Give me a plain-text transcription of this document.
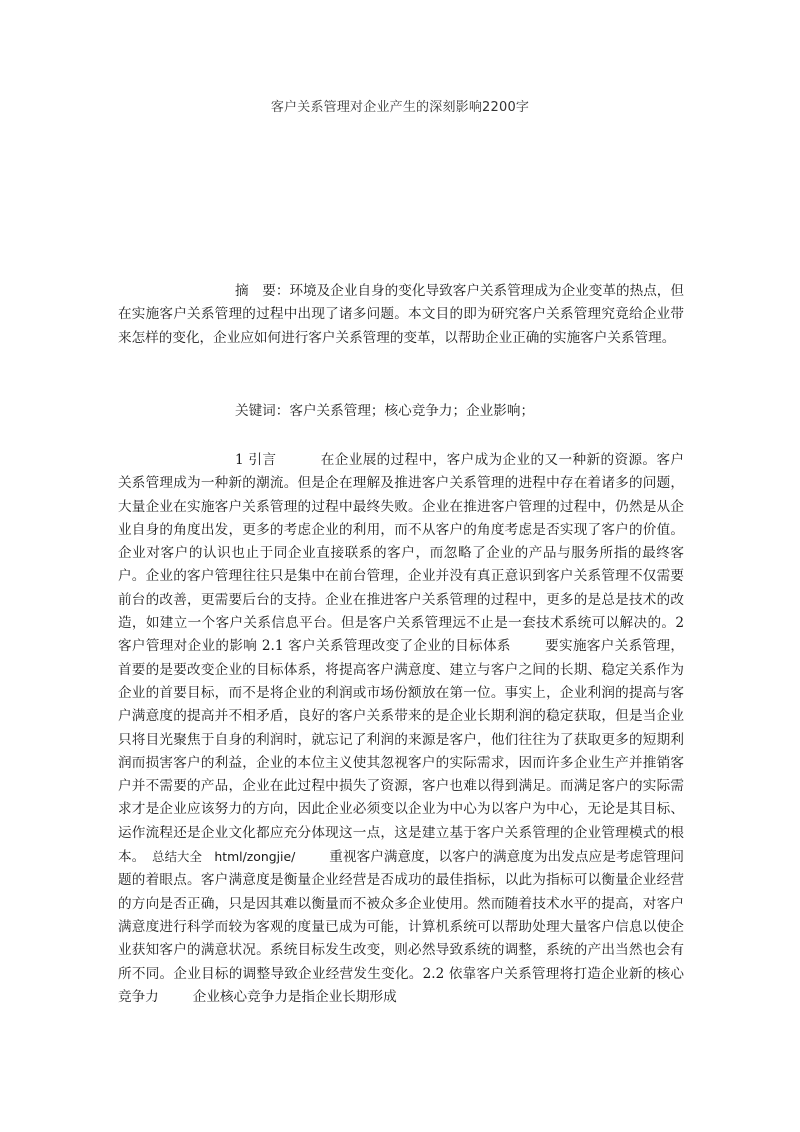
客户关系管理对企业产生的深刻影响2200字
摘　要：环境及企业自身的变化导致客户关系管理成为企业变革的热点，但在实施客户关系管理的过程中出现了诸多问题。本文目的即为研究客户关系管理究竟给企业带来怎样的变化，企业应如何进行客户关系管理的变革，以帮助企业正确的实施客户关系管理。
关键词：客户关系管理；核心竞争力；企业影响；
1 引言	在企业展的过程中，客户成为企业的又一种新的资源。客户关系管理成为一种新的潮流。但是企在理解及推进客户关系管理的进程中存在着诸多的问题，大量企业在实施客户关系管理的过程中最终失败。企业在推进客户管理的过程中，仍然是从企业自身的角度出发，更多的考虑企业的利用，而不从客户的角度考虑是否实现了客户的价值。企业对客户的认识也止于同企业直接联系的客户，而忽略了企业的产品与服务所指的最终客户。企业的客户管理往往只是集中在前台管理，企业并没有真正意识到客户关系管理不仅需要前台的改善，更需要后台的支持。企业在推进客户关系管理的过程中，更多的是总是技术的改造，如建立一个客户关系信息平台。但是客户关系管理远不止是一套技术系统可以解决的。2 客户管理对企业的影响 2.1 客户关系管理改变了企业的目标体系	要实施客户关系管理，首要的是要改变企业的目标体系，将提高客户满意度、建立与客户之间的长期、稳定关系作为企业的首要目标，而不是将企业的利润或市场份额放在第一位。事实上，企业利润的提高与客户满意度的提高并不相矛盾，良好的客户关系带来的是企业长期利润的稳定获取，但是当企业只将目光聚焦于自身的利润时，就忘记了利润的来源是客户，他们往往为了获取更多的短期利润而损害客户的利益，企业的本位主义使其忽视客户的实际需求，因而许多企业生产并推销客户并不需要的产品，企业在此过程中损失了资源，客户也难以得到满足。而满足客户的实际需求才是企业应该努力的方向，因此企业必须变以企业为中心为以客户为中心，无论是其目标、运作流程还是企业文化都应充分体现这一点，这是建立基于客户关系管理的企业管理模式的根本。　 总结大全　html/zongjie/	重视客户满意度，以客户的满意度为出发点应是考虑管理问题的着眼点。客户满意度是衡量企业经营是否成功的最佳指标，以此为指标可以衡量企业经营的方向是否正确，只是因其难以衡量而不被众多企业使用。然而随着技术水平的提高，对客户满意度进行科学而较为客观的度量已成为可能，计算机系统可以帮助处理大量客户信息以使企业获知客户的满意状况。系统目标发生改变，则必然导致系统的调整，系统的产出当然也会有所不同。企业目标的调整导致企业经营发生变化。2.2 依靠客户关系管理将打造企业新的核心竞争力	企业核心竞争力是指企业长期形成
